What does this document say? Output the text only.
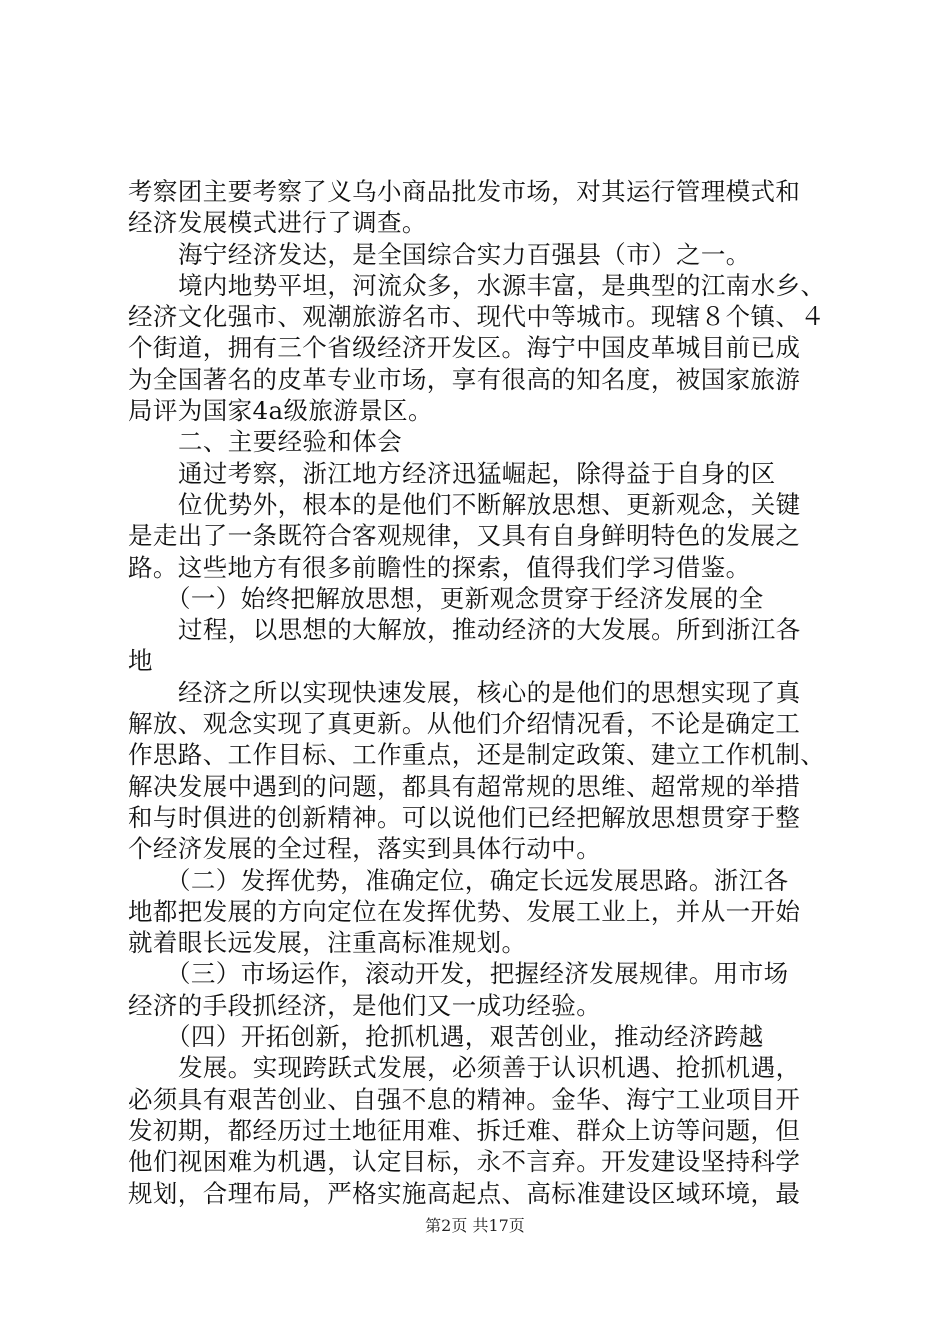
考察团主要考察了义乌小商品批发市场，对其运行管理模式和
经济发展模式进行了调查。
海宁经济发达，是全国综合实力百强县（市）之一。
境内地势平坦，河流众多，水源丰富，是典型的江南水乡、
经济文化强市、观潮旅游名市、现代中等城市。现辖８个镇、４
个街道，拥有三个省级经济开发区。海宁中国皮革城目前已成
为全国著名的皮革专业市场，享有很高的知名度，被国家旅游
局评为国家4a级旅游景区。
二、主要经验和体会
通过考察，浙江地方经济迅猛崛起，除得益于自身的区
位优势外，根本的是他们不断解放思想、更新观念，关键
是走出了一条既符合客观规律，又具有自身鲜明特色的发展之
路。这些地方有很多前瞻性的探索，值得我们学习借鉴。
（一）始终把解放思想，更新观念贯穿于经济发展的全
过程，以思想的大解放，推动经济的大发展。所到浙江各
地
经济之所以实现快速发展，核心的是他们的思想实现了真
解放、观念实现了真更新。从他们介绍情况看，不论是确定工
作思路、工作目标、工作重点，还是制定政策、建立工作机制、
解决发展中遇到的问题，都具有超常规的思维、超常规的举措
和与时俱进的创新精神。可以说他们已经把解放思想贯穿于整
个经济发展的全过程，落实到具体行动中。
（二）发挥优势，准确定位，确定长远发展思路。浙江各
地都把发展的方向定位在发挥优势、发展工业上，并从一开始
就着眼长远发展，注重高标准规划。
（三）市场运作，滚动开发，把握经济发展规律。用市场
经济的手段抓经济，是他们又一成功经验。
（四）开拓创新，抢抓机遇，艰苦创业，推动经济跨越
发展。实现跨跃式发展，必须善于认识机遇、抢抓机遇，
必须具有艰苦创业、自强不息的精神。金华、海宁工业项目开
发初期，都经历过土地征用难、拆迁难、群众上访等问题，但
他们视困难为机遇，认定目标，永不言弃。开发建设坚持科学
规划，合理布局，严格实施高起点、高标准建设区域环境，最
第2页 共17页
